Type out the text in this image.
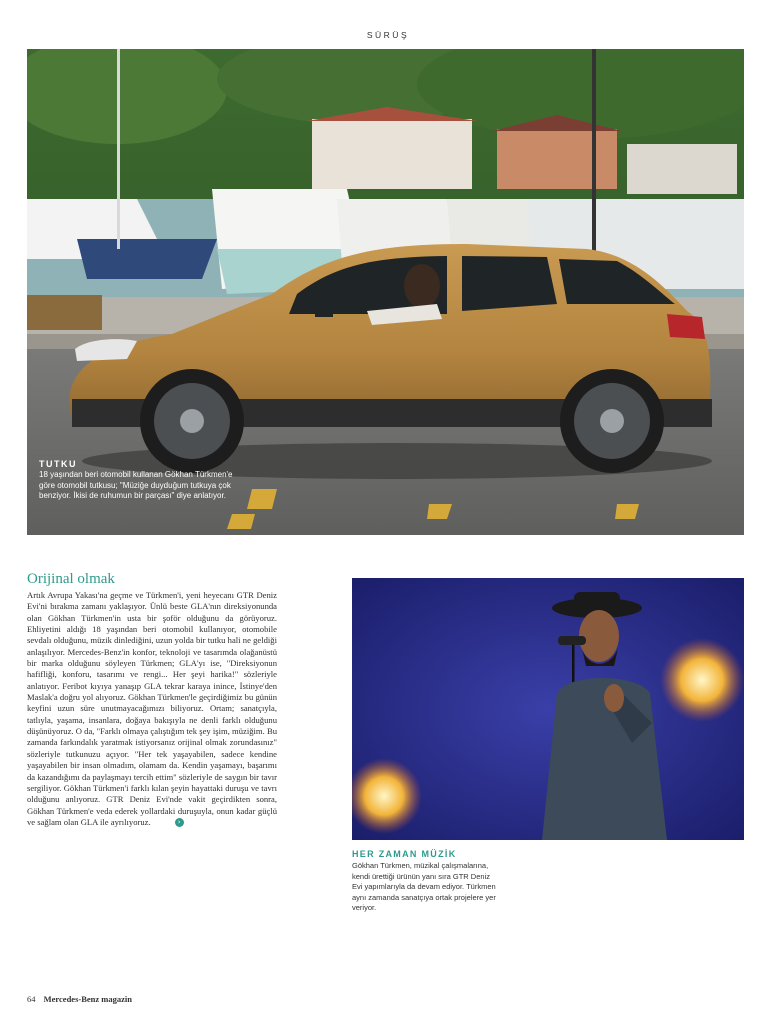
SÜRÜŞ
TUTKU
18 yaşından beri otomobil kullanan Gökhan Türkmen'e göre otomobil tutkusu; "Müziğe duyduğum tutkuya çok benziyor. İkisi de ruhumun bir parçası" diye anlatıyor.
Orijinal olmak

Artık Avrupa Yakası'na geçme ve Türkmen'i, yeni heyecanı GTR Deniz Evi'ni bırakma zamanı yaklaşıyor. Ünlü beste GLA'nın direksiyonunda olan Gökhan Türkmen'in usta bir şoför olduğunu da görüyoruz. Ehliyetini aldığı 18 yaşından beri otomobil kullanıyor, otomobile sevdalı olduğunu, müzik dinlediğini, uzun yolda bir tutku hali ne geldiği anlaşılıyor. Mercedes-Benz'in konfor, teknoloji ve tasarımda olağanüstü bir marka olduğunu söyleyen Türkmen; GLA'yı ise, "Direksiyonun hafifliği, konforu, tasarımı ve rengi... Her şeyi harika!" sözleriyle anlatıyor. Feribot kıyıya yanaşıp GLA tekrar karaya inince, İstinye'den Maslak'a doğru yol alıyoruz. Gökhan Türkmen'le geçirdiğimiz bu günün keyfini uzun süre unutmayacağımızı biliyoruz. Ortam; sanatçıyla, tatlıyla, yaşama, insanlara, doğaya bakışıyla ne denli farklı olduğunu düşünüyoruz. O da, "Farklı olmaya çalıştığım tek şey işim, müziğim. Bu zamanda farkındalık yaratmak istiyorsanız orijinal olmak zorundasınız" sözleriyle tutkunuzu açıyor. "Her tek yaşayabilen, sadece kendine yaşayabilen bir insan olmadım, olamam da. Kendin yaşamayı, başarımı da kazandığımı da paylaşmayı tercih ettim" sözleriyle de saygın bir tavır sergiliyor. Gökhan Türkmen'i farklı kılan şeyin hayattaki duruşu ve tavrı olduğunu anlıyoruz. GTR Deniz Evi'nde vakit geçirdikten sonra, Gökhan Türkmen'e veda ederek yollardaki duruşuyla, onun kadar güçlü ve sağlam olan GLA ile ayrılıyoruz.	›

HER ZAMAN MÜZİK
Gökhan Türkmen, müzikal çalışmalarına, kendi ürettiği ürünün yanı sıra GTR Deniz Evi yapımlarıyla da devam ediyor. Türkmen aynı zamanda sanatçıya ortak projelere yer veriyor.
64 Mercedes-Benz magazin
